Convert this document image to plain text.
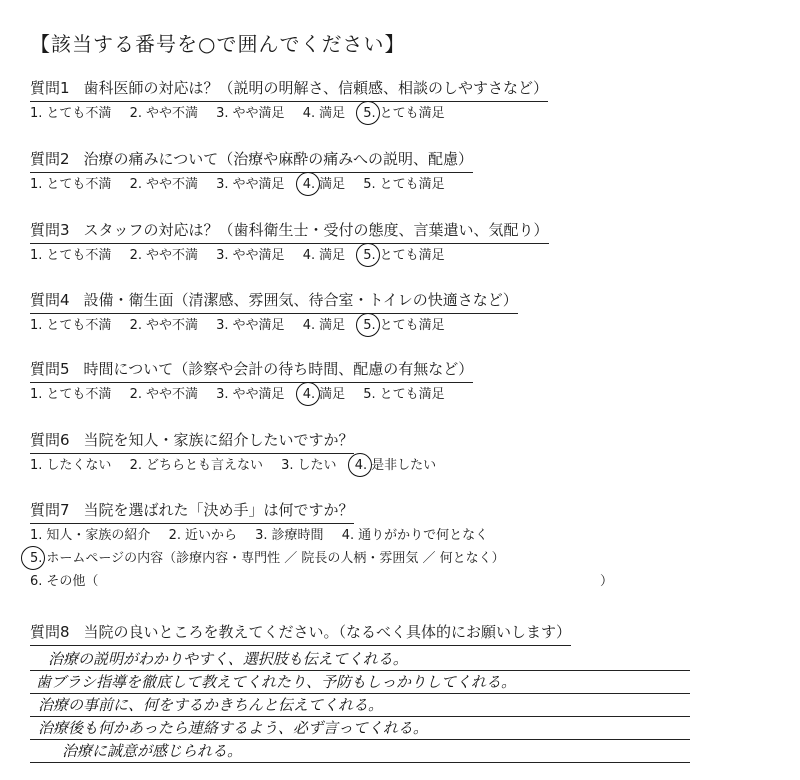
【該当する番号を○で囲んでください】
質問1 歯科医師の対応は？（説明の明解さ、信頼感、相談のしやすさなど）
1. とても不満 2. やや不満 3. やや満足 4. 満足 5. とても満足
質問2 治療の痛みについて（治療や麻酔の痛みへの説明、配慮）
1. とても不満 2. やや不満 3. やや満足 4. 満足 5. とても満足
質問3 スタッフの対応は？（歯科衛生士・受付の態度、言葉遣い、気配り）
1. とても不満 2. やや不満 3. やや満足 4. 満足 5. とても満足
質問4 設備・衛生面（清潔感、雰囲気、待合室・トイレの快適さなど）
1. とても不満 2. やや不満 3. やや満足 4. 満足 5. とても満足
質問5 時間について（診察や会計の待ち時間、配慮の有無など）
1. とても不満 2. やや不満 3. やや満足 4. 満足 5. とても満足
質問6 当院を知人・家族に紹介したいですか？
1. したくない 2. どちらとも言えない 3. したい 4. 是非したい
質問7 当院を選ばれた「決め手」は何ですか？
1. 知人・家族の紹介 2. 近いから 3. 診療時間 4. 通りがかりで何となく
5. ホームページの内容（診療内容・専門性 ／ 院長の人柄・雰囲気 ／ 何となく）
6. その他（	）
質問8 当院の良いところを教えてください。（なるべく具体的にお願いします）
治療の説明がわかりやすく、選択肢も伝えてくれる。
歯ブラシ指導を徹底して教えてくれたり、予防もしっかりしてくれる。
治療の事前に、何をするかきちんと伝えてくれる。
治療後も何かあったら連絡するよう、必ず言ってくれる。
治療に誠意が感じられる。
